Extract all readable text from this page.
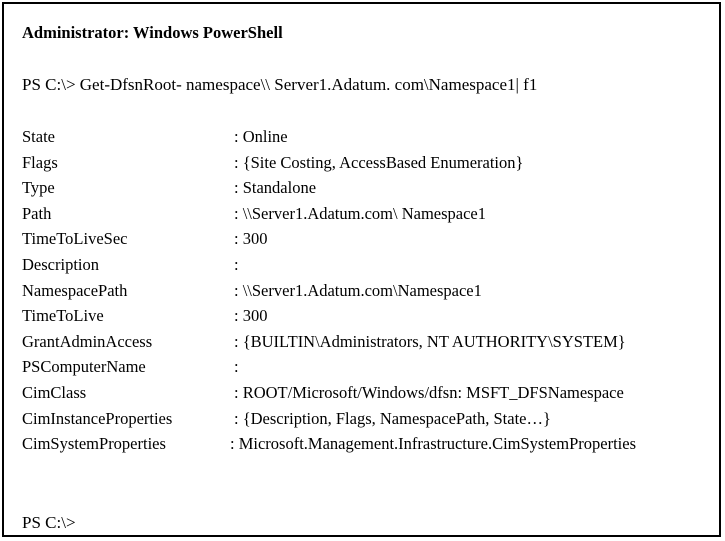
Administrator: Windows PowerShell
PS C:\> Get-DfsnRoot- namespace\\ Server1.Adatum. com\Namespace1| f1
State	: Online
Flags	: {Site Costing, AccessBased Enumeration}
Type	: Standalone
Path	: \\Server1.Adatum.com\ Namespace1
TimeToLiveSec	: 300
Description	:
NamespacePath	: \\Server1.Adatum.com\Namespace1
TimeToLive	: 300
GrantAdminAccess	: {BUILTIN\Administrators, NT AUTHORITY\SYSTEM}
PSComputerName	:
CimClass	: ROOT/Microsoft/Windows/dfsn: MSFT_DFSNamespace
CimInstanceProperties	: {Description, Flags, NamespacePath, State…}
CimSystemProperties	: Microsoft.Management.Infrastructure.CimSystemProperties
PS C:\>
